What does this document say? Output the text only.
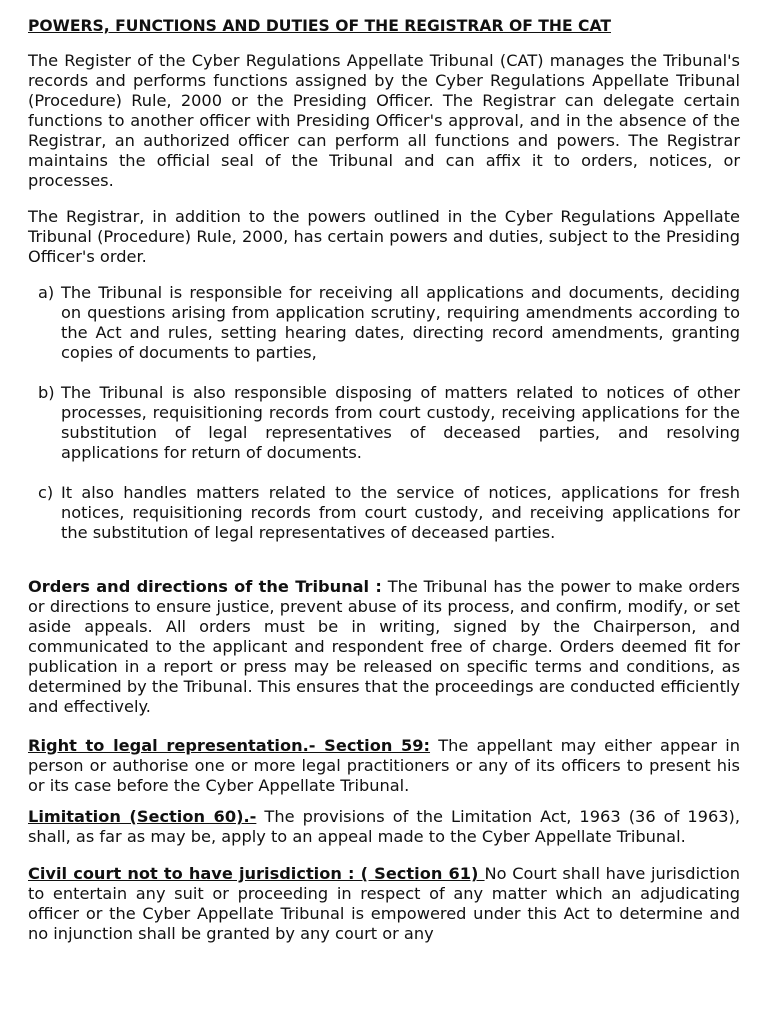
POWERS, FUNCTIONS AND DUTIES OF THE REGISTRAR OF THE CAT

The Register of the Cyber Regulations Appellate Tribunal (CAT) manages the Tribunal's records and performs functions assigned by the Cyber Regulations Appellate Tribunal (Procedure) Rule, 2000 or the Presiding Officer. The Registrar can delegate certain functions to another officer with Presiding Officer's approval, and in the absence of the Registrar, an authorized officer can perform all functions and powers. The Registrar maintains the official seal of the Tribunal and can affix it to orders, notices, or processes.

The Registrar, in addition to the powers outlined in the Cyber Regulations Appellate Tribunal (Procedure) Rule, 2000, has certain powers and duties, subject to the Presiding Officer's order.

a) The Tribunal is responsible for receiving all applications and documents, deciding on questions arising from application scrutiny, requiring amendments according to the Act and rules, setting hearing dates, directing record amendments, granting copies of documents to parties,
b) The Tribunal is also responsible disposing of matters related to notices of other processes, requisitioning records from court custody, receiving applications for the substitution of legal representatives of deceased parties, and resolving applications for return of documents.
c) It also handles matters related to the service of notices, applications for fresh notices, requisitioning records from court custody, and receiving applications for the substitution of legal representatives of deceased parties.

Orders and directions of the Tribunal : The Tribunal has the power to make orders or directions to ensure justice, prevent abuse of its process, and confirm, modify, or set aside appeals. All orders must be in writing, signed by the Chairperson, and communicated to the applicant and respondent free of charge. Orders deemed fit for publication in a report or press may be released on specific terms and conditions, as determined by the Tribunal. This ensures that the proceedings are conducted efficiently and effectively.

Right to legal representation.- Section 59: The appellant may either appear in person or authorise one or more legal practitioners or any of its officers to present his or its case before the Cyber Appellate Tribunal.

Limitation (Section 60).- The provisions of the Limitation Act, 1963 (36 of 1963), shall, as far as may be, apply to an appeal made to the Cyber Appellate Tribunal.

Civil court not to have jurisdiction : ( Section 61) No Court shall have jurisdiction to entertain any suit or proceeding in respect of any matter which an adjudicating officer or the Cyber Appellate Tribunal is empowered under this Act to determine and no injunction shall be granted by any court or any
